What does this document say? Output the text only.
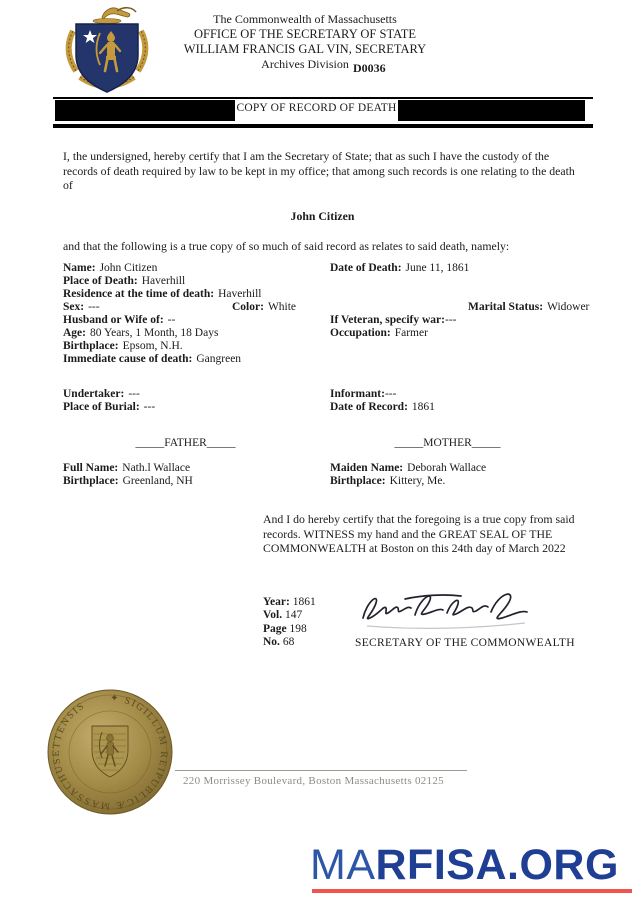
The Commonwealth of Massachusetts
OFFICE OF THE SECRETARY OF STATE
WILLIAM FRANCIS GAL VIN, SECRETARY
Archives Division D0036
COPY OF RECORD OF DEATH
I, the undersigned, hereby certify that I am the Secretary of State; that as such I have the custody of the records of death required by law to be kept in my office; that among such records is one relating to the death of
John Citizen
and that the following is a true copy of so much of said record as relates to said death, namely:
Name: John Citizen	Date of Death: June 11, 1861
Place of Death: Haverhill
Residence at the time of death: Haverhill
Sex: ---	Color: White	Marital Status: Widower
Husband or Wife of: --	If Veteran, specify war:---
Age: 80 Years, 1 Month, 18 Days	Occupation: Farmer
Birthplace: Epsom, N.H.
Immediate cause of death: Gangreen
Undertaker: ---	Informant:---
Place of Burial: ---	Date of Record: 1861
_____FATHER_____	_____MOTHER_____
Full Name: Nath.l Wallace	Maiden Name: Deborah Wallace
Birthplace: Greenland, NH	Birthplace: Kittery, Me.
And I do hereby certify that the foregoing is a true copy from said records. WITNESS my hand and the GREAT SEAL OF THE COMMONWEALTH at Boston on this 24th day of March 2022
Year: 1861
Vol. 147
Page 198
No. 68	SECRETARY OF THE COMMONWEALTH
✦ SIGILLUM REIPUBLICÆ MASSACHUSETTENSIS
220 Morrissey Boulevard, Boston Massachusetts 02125
MARFISA.ORG
